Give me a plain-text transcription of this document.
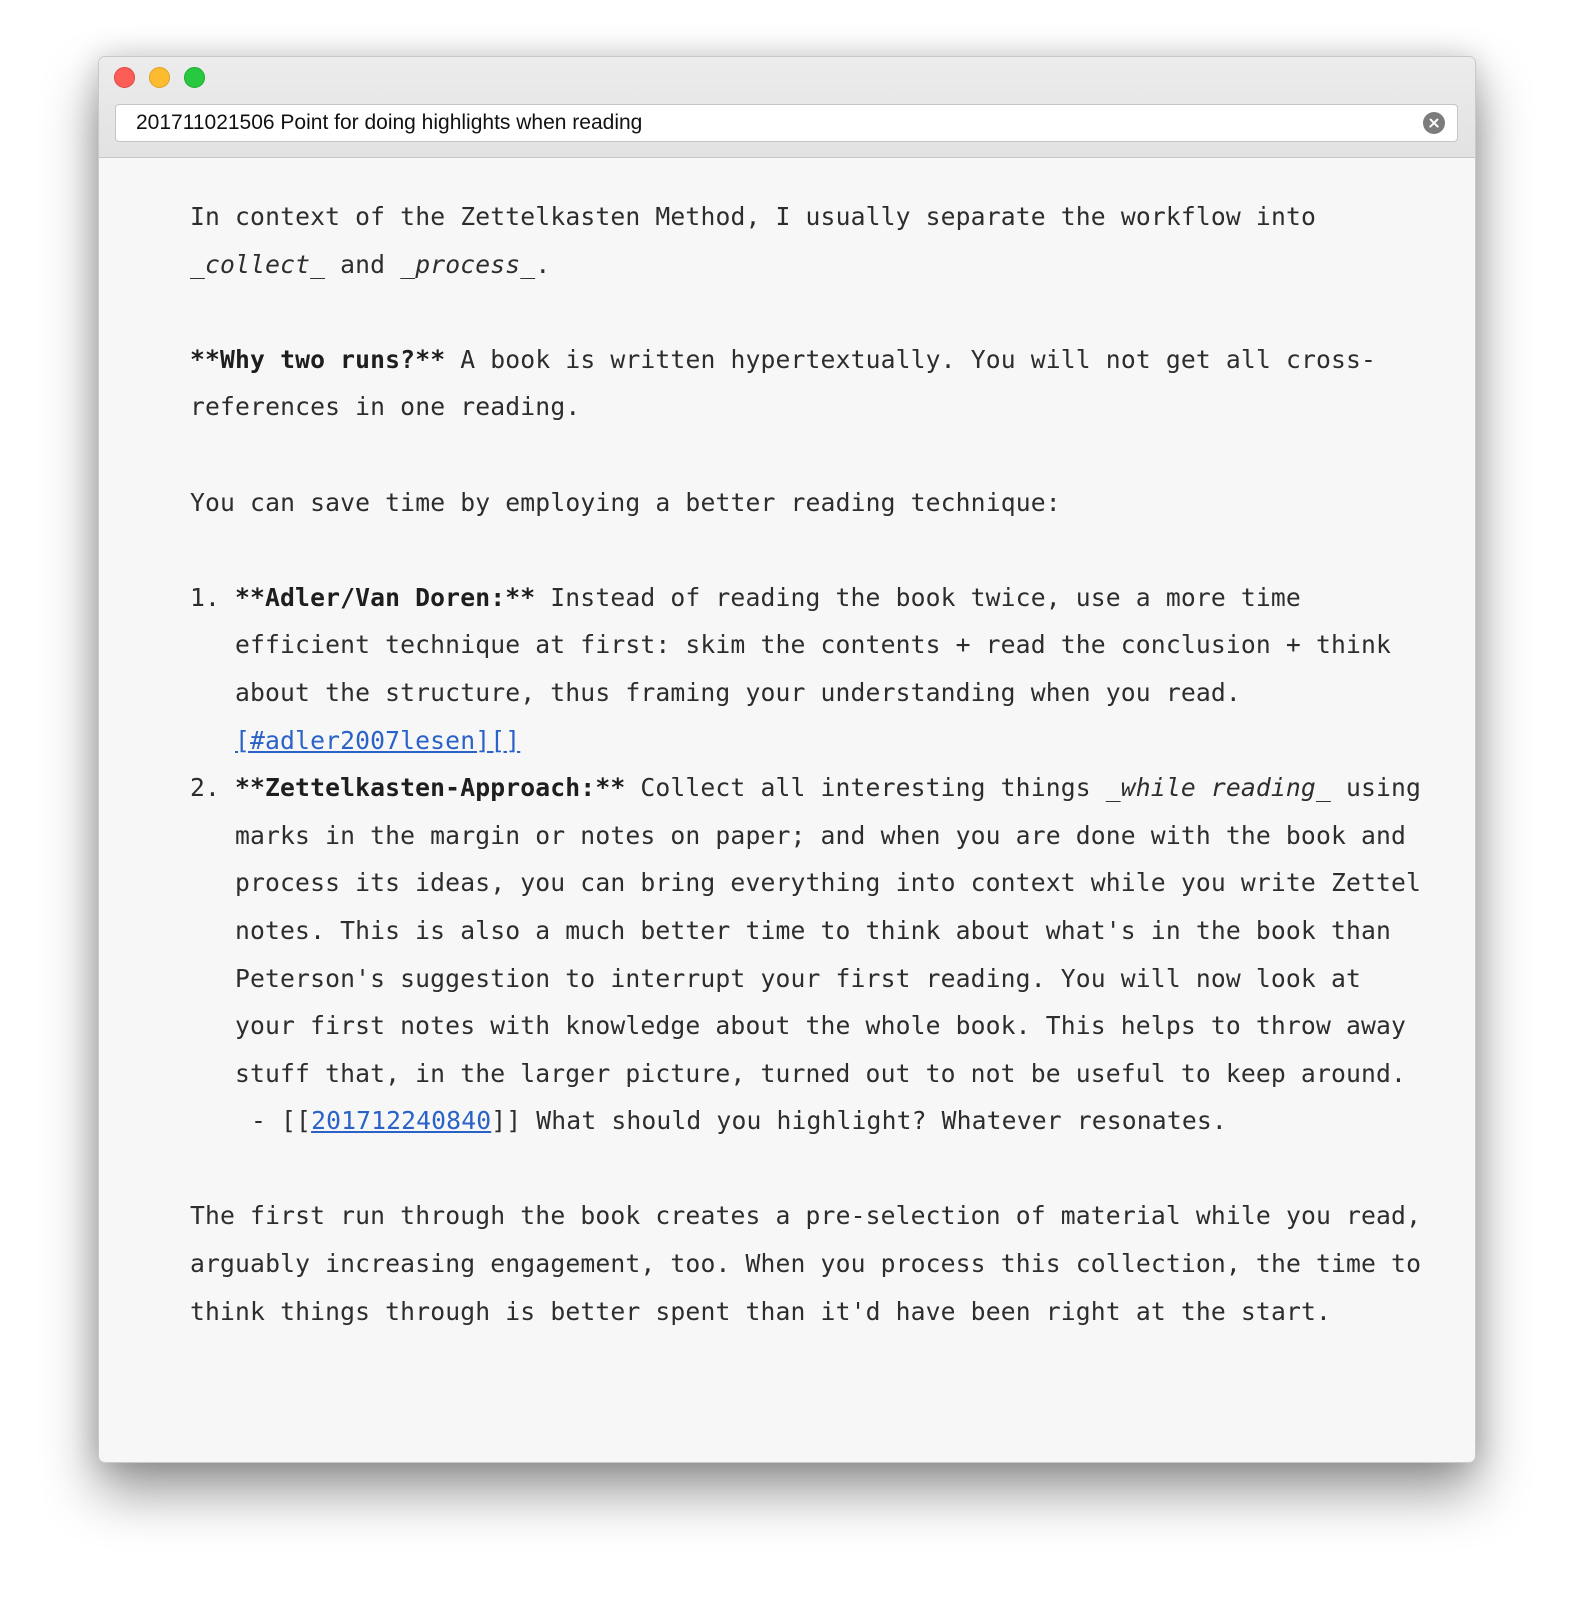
201711021506 Point for doing highlights when reading

In context of the Zettelkasten Method, I usually separate the workflow into _collect_ and _process_.

**Why two runs?** A book is written hypertextually. You will not get all cross-references in one reading.

You can save time by employing a better reading technique:

1. **Adler/Van Doren:** Instead of reading the book twice, use a more time efficient technique at first: skim the contents + read the conclusion + think about the structure, thus framing your understanding when you read. [#adler2007lesen][]
2. **Zettelkasten-Approach:** Collect all interesting things _while reading_ using marks in the margin or notes on paper; and when you are done with the book and process its ideas, you can bring everything into context while you write Zettel notes. This is also a much better time to think about what's in the book than Peterson's suggestion to interrupt your first reading. You will now look at your first notes with knowledge about the whole book. This helps to throw away stuff that, in the larger picture, turned out to not be useful to keep around.
- [[201712240840]] What should you highlight? Whatever resonates.

The first run through the book creates a pre-selection of material while you read, arguably increasing engagement, too. When you process this collection, the time to think things through is better spent than it'd have been right at the start.
